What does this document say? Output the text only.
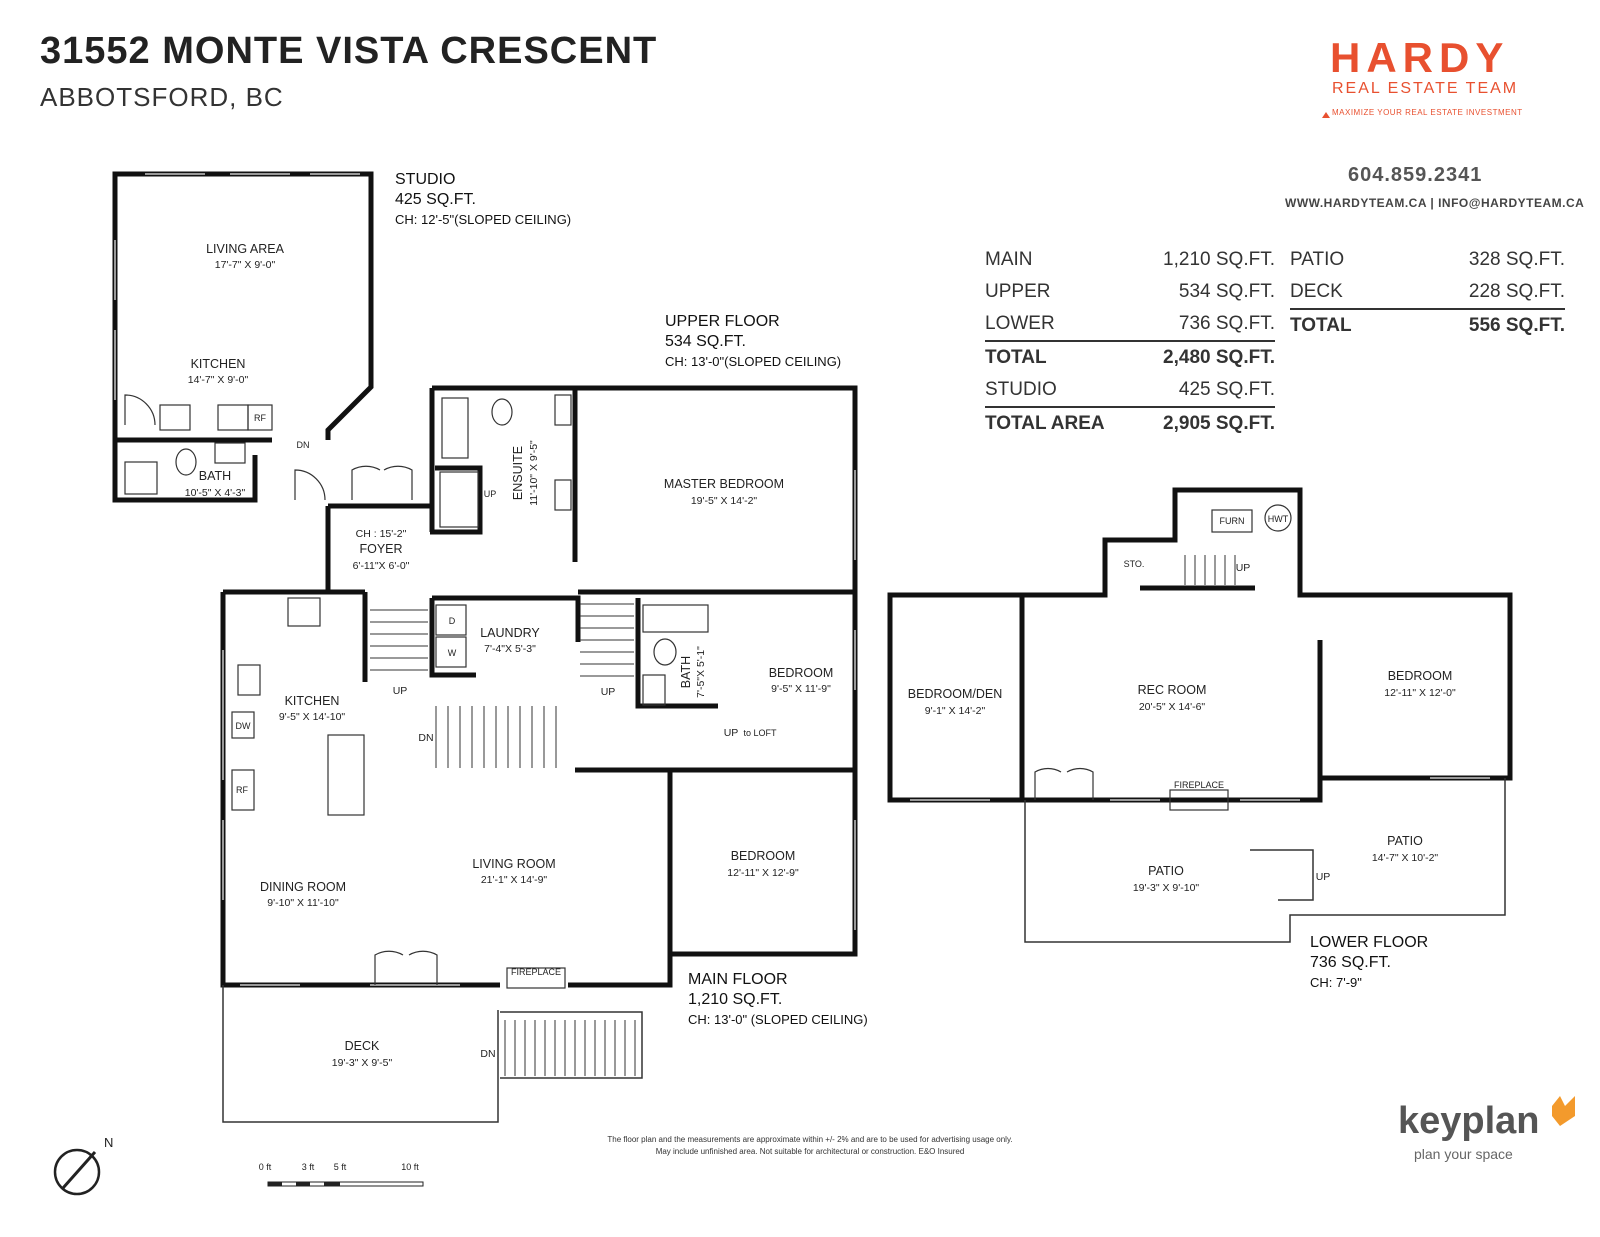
31552 MONTE VISTA CRESCENT
ABBOTSFORD, BC
HARDY
REAL ESTATE TEAM
MAXIMIZE YOUR REAL ESTATE INVESTMENT
604.859.2341
WWW.HARDYTEAM.CA | INFO@HARDYTEAM.CA
MAIN	1,210 SQ.FT.
UPPER	534 SQ.FT.
LOWER	736 SQ.FT.
TOTAL	2,480 SQ.FT.
STUDIO	425 SQ.FT.
TOTAL AREA	2,905 SQ.FT.
PATIO	328 SQ.FT.
DECK	228 SQ.FT.
TOTAL	556 SQ.FT.
STUDIO
425 SQ.FT.
CH: 12'-5"(SLOPED CEILING)
UPPER FLOOR
534 SQ.FT.
CH: 13'-0"(SLOPED CEILING)
MAIN FLOOR
1,210 SQ.FT.
CH: 13'-0" (SLOPED CEILING)
LOWER FLOOR
736 SQ.FT.
CH: 7'-9"
LIVING AREA
17'-7" X 9'-0"
KITCHEN
14'-7" X 9'-0"
BATH
10'-5" X 4'-3"	ENSUITE 11'-10" X 9'-5"	MASTER BEDROOM
19'-5" X 14'-2"
CH : 15'-2"
FOYER
6'-11"X 6'-0"
LAUNDRY
7'-4"X 5'-3"
BATH 7'-5"X 5'-1"	BEDROOM
9'-5" X 11'-9"
KITCHEN
9'-5" X 14'-10"
LIVING ROOM
21'-1" X 14'-9"
DINING ROOM
9'-10" X 11'-10"
BEDROOM
12'-11" X 12'-9"
DECK
19'-3" X 9'-5"
BEDROOM/DEN
9'-1" X 14'-2"
REC ROOM
20'-5" X 14'-6"
BEDROOM
12'-11" X 12'-0"
PATIO
19'-3" X 9'-10"
PATIO
14'-7" X 10'-2"
RF
DN
UP
D
W
DW
RF
UP	UP
DN	UP to LOFT
FIREPLACE
DN
STO.	UP
FURN	HWT
FIREPLACE
UP
N
0 ft	3 ft 5 ft	10 ft
The floor plan and the measurements are approximate within +/- 2% and are to be used for advertising usage only.
May include unfinished area. Not suitable for architectural or construction. E&O Insured
keyplan
plan your space
